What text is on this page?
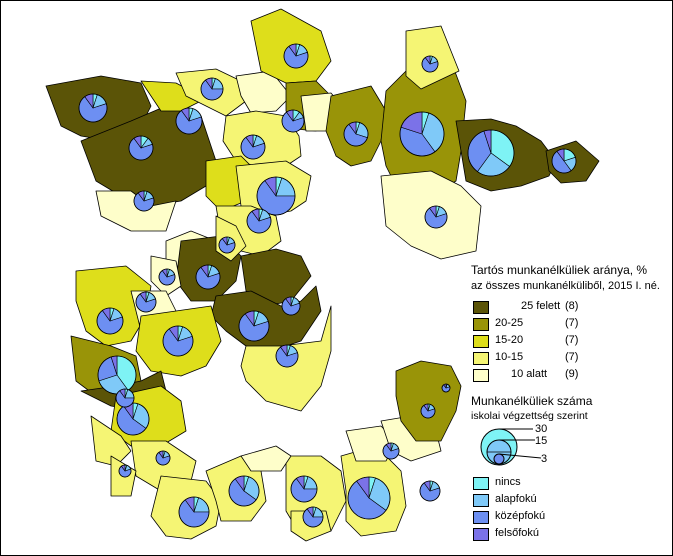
Tartós munkanélküliek aránya, %
az összes munkanélküliből, 2015 I. né.
25 felett (8)
20-25	(7)
15-20	(7)
10-15	(7)
10 alatt (9)
Munkanélküliek száma
iskolai végzettség szerint
30
15
3
nincs
alapfokú
középfokú
felsőfokú
